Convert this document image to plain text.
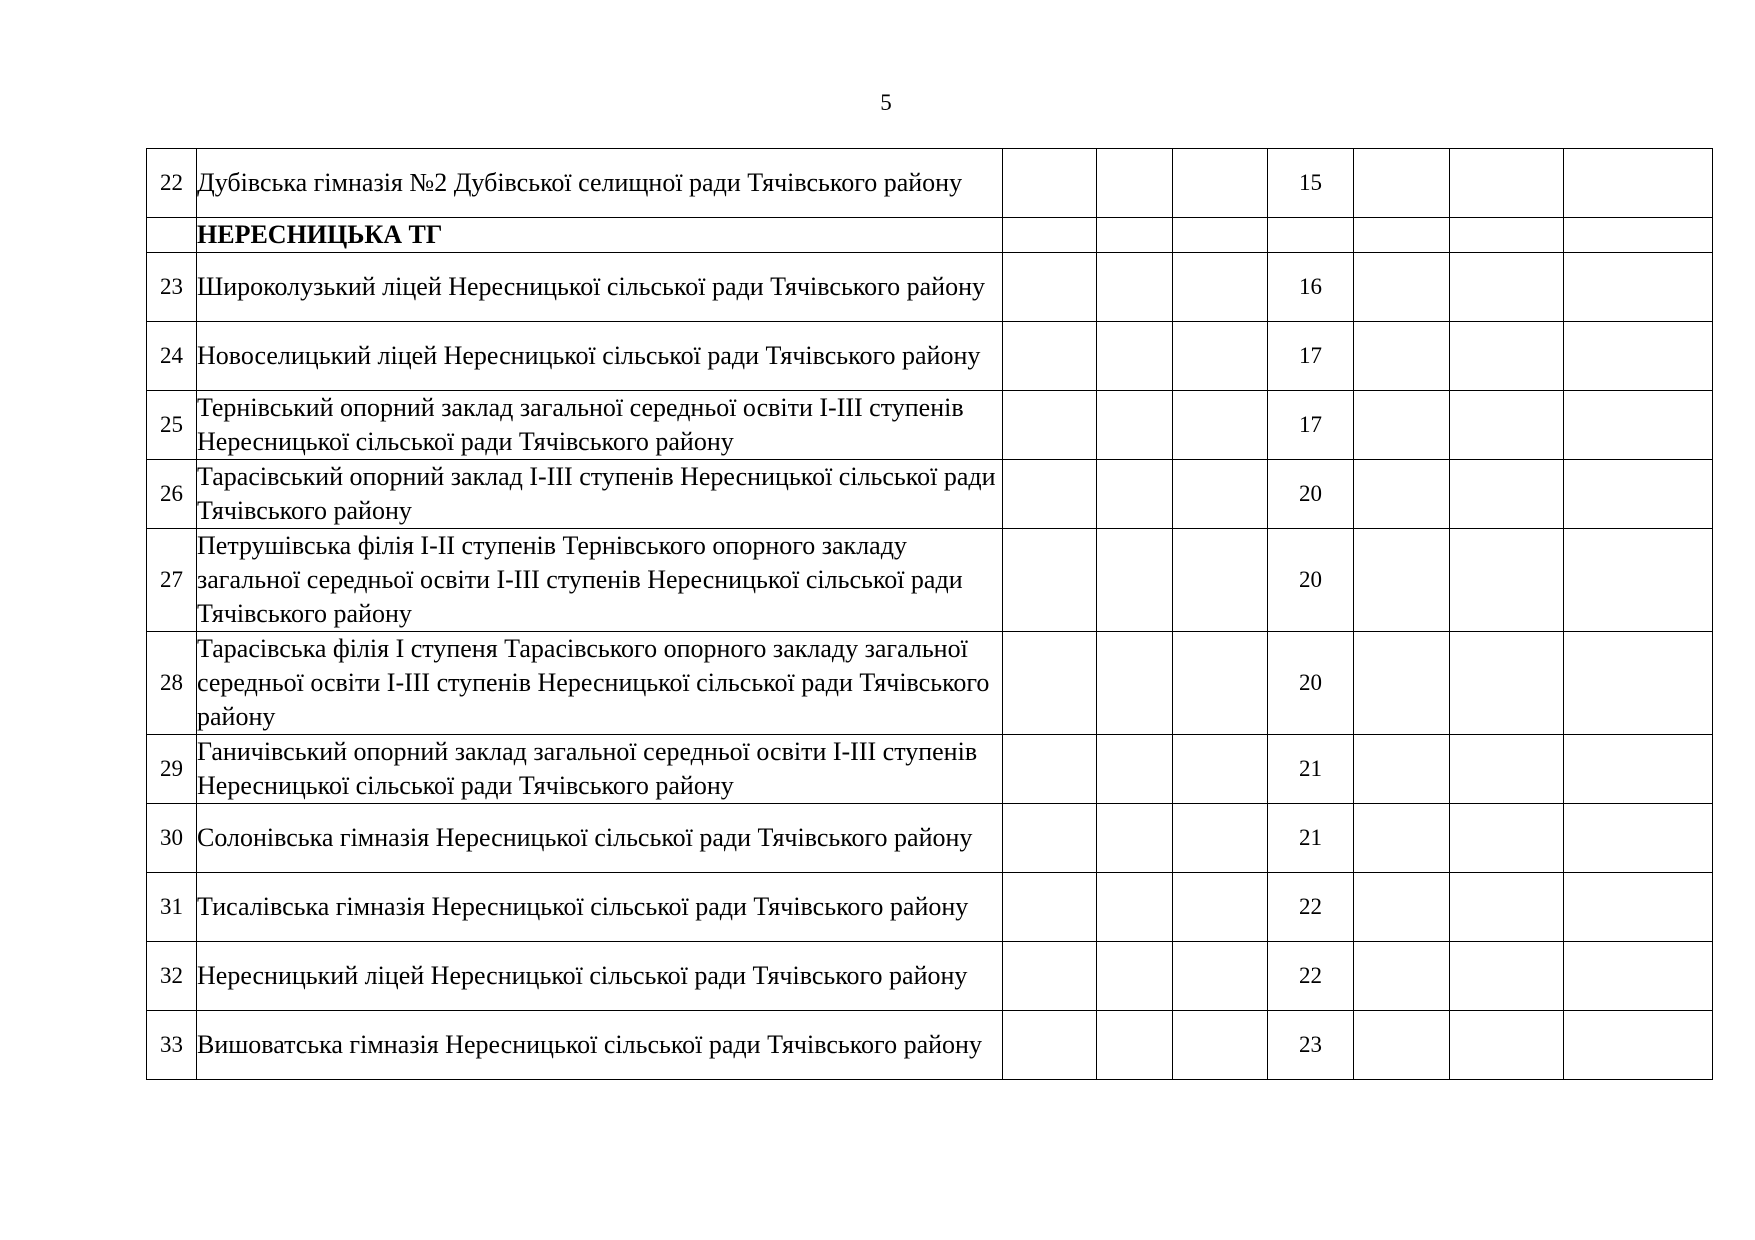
5
22	Дубівська гімназія №2 Дубівської селищної ради Тячівського району				15			
	НЕРЕСНИЦЬКА ТГ							
23	Широколузький ліцей Нересницької сільської ради Тячівського району				16			
24	Новоселицький ліцей Нересницької сільської ради Тячівського району				17			
25	Тернівський опорний заклад загальної середньої освіти І-ІІІ ступенів Нересницької сільської ради Тячівського району				17			
26	Тарасівський опорний заклад І-ІІІ ступенів Нересницької сільської ради Тячівського району				20			
27	Петрушівська філія І-ІІ ступенів Тернівського опорного закладу загальної середньої освіти І-ІІІ ступенів Нересницької сільської ради Тячівського району				20			
28	Тарасівська філія І ступеня Тарасівського опорного закладу загальної середньої освіти І-ІІІ ступенів Нересницької сільської ради Тячівського району				20			
29	Ганичівський опорний заклад загальної середньої освіти І-ІІІ ступенів Нересницької сільської ради Тячівського району				21			
30	Солонівська гімназія Нересницької сільської ради Тячівського району				21			
31	Тисалівська гімназія Нересницької сільської ради Тячівського району				22			
32	Нересницький ліцей Нересницької сільської ради Тячівського району				22			
33	Вишоватська гімназія Нересницької сільської ради Тячівського району				23			
